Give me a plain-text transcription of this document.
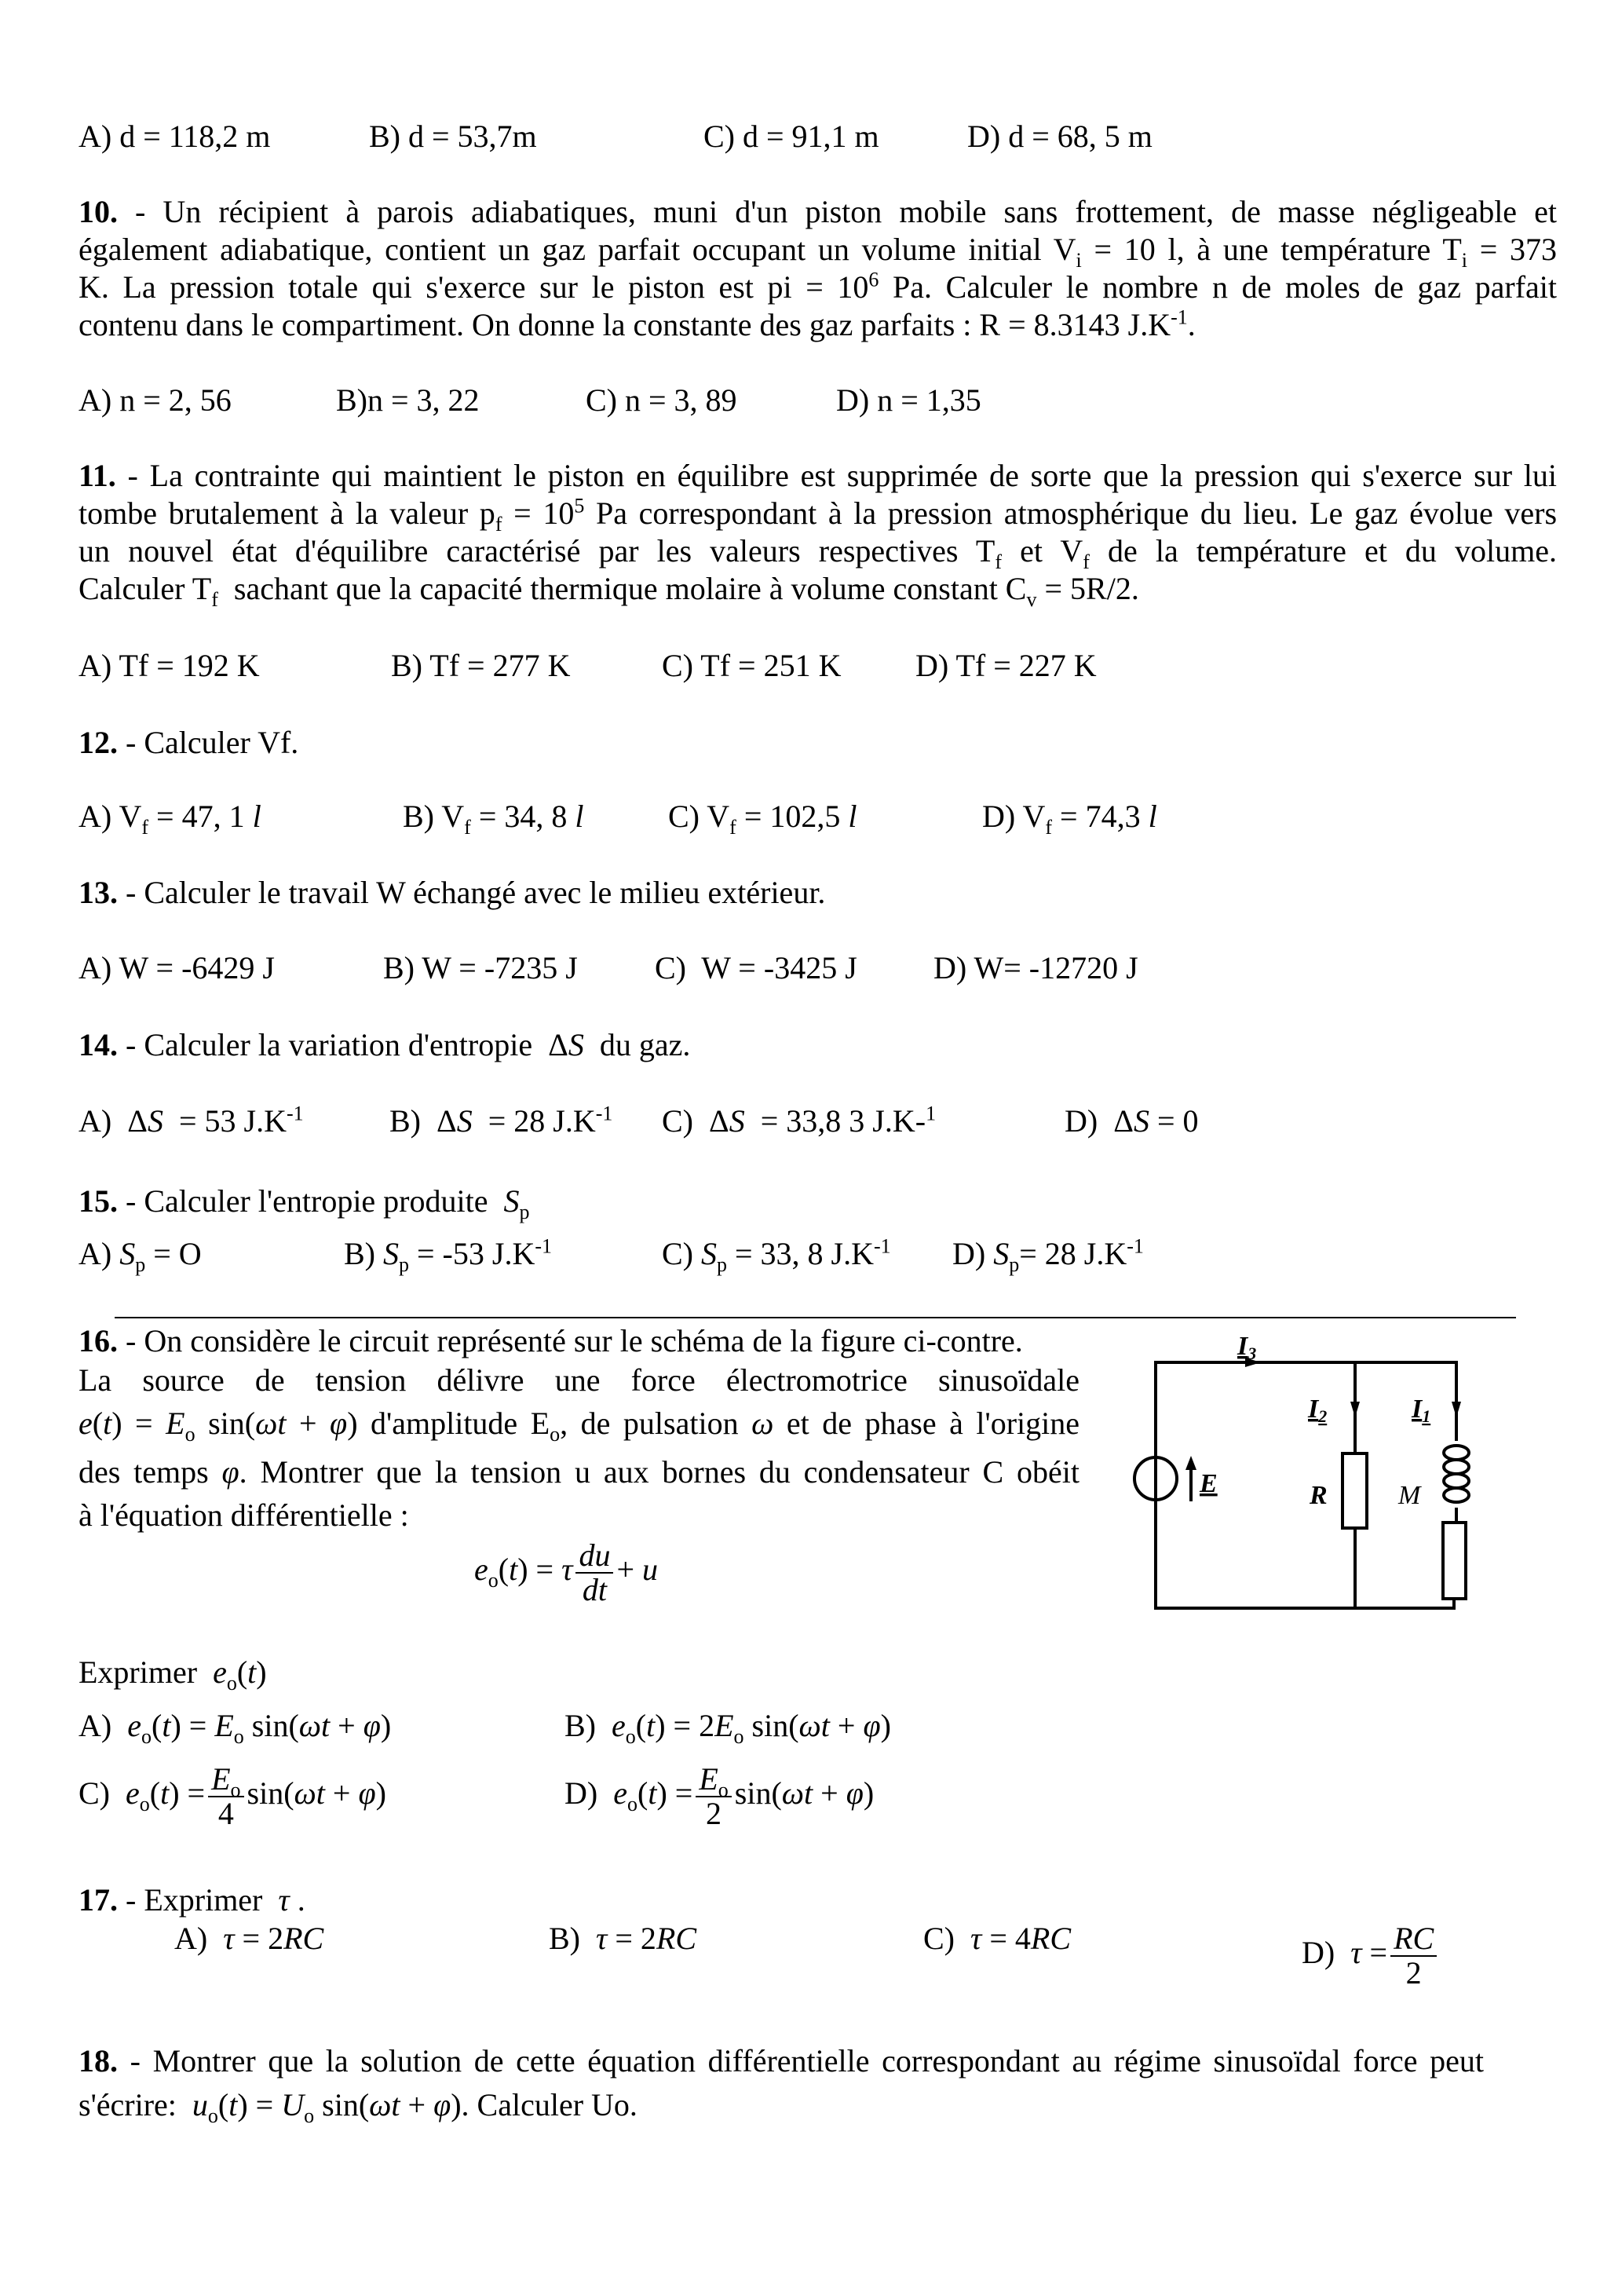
A) d = 118,2 m	B) d = 53,7m	C) d = 91,1 m	D) d = 68, 5 m
10. - Un récipient à parois adiabatiques, muni d'un piston mobile sans frottement, de masse négligeable et
également adiabatique, contient un gaz parfait occupant un volume initial $V_i = 10$ l, à une température $T_i = 373$
K. La pression totale qui s'exerce sur le piston est pi = $10^6$ Pa. Calculer le nombre n de moles de gaz parfait
contenu dans le compartiment. On donne la constante des gaz parfaits : R = 8.3143 $J.K^{-1}$.
A) n = 2, 56	B)n = 3, 22	C) n = 3, 89	D) n = 1,35
11. - La contrainte qui maintient le piston en équilibre est supprimée de sorte que la pression qui s'exerce sur lui
tombe brutalement à la valeur $p_f = 10^5$ Pa correspondant à la pression atmosphérique du lieu. Le gaz évolue vers
un nouvel état d'équilibre caractérisé par les valeurs respectives $T_f$ et $V_f$ de la température et du volume.
Calculer $T_f$  sachant que la capacité thermique molaire à volume constant $C_v = 5R/2$.
A) Tf = 192 K	B) Tf = 277 K	C) Tf = 251 K D) Tf = 227 K
12. - Calculer Vf.
A) $V_f = 47$, 1 l	B) $V_f = 34$, 8 l	C) $V_f = 102,5$ l	D) $V_f = 74,3$ l
13. - Calculer le travail W échangé avec le milieu extérieur.
A) W = -6429 J	B) W = -7235 J C)  W = -3425 J D) W= -12720 J
14. - Calculer la variation d'entropie  ΔS  du gaz.
A)  ΔS  = 53 $J.K^{-1}$	B)  ΔS  = 28 $J.K^{-1}$ C)  ΔS  = 33,8 3 J.K-$^1$	D)  ΔS = 0
15. - Calculer l'entropie produite  $S_p$
A) $S_p = O$	B) $S_p = -53$ $J.K^{-1}$	C) $S_p = 33$, 8 $J.K^{-1}$ D) $S_p= 28$ $J.K^{-1}$
16. - On considère le circuit représenté sur le schéma de la figure ci-contre.
La source de tension délivre une force électromotrice sinusoïdale
$e(t) = E_o$ sin(ωt + φ) d'amplitude $E_o$, de pulsation ω et de phase à l'origine
des temps φ. Montrer que la tension u aux bornes du condensateur C obéit
à l'équation différentielle :
$e_o(t) = \tau \frac{du}{dt} + u$
I3
I2	I1
E	R	M
Exprimer  $e_o(t)$
A)  $e_o(t) = E_o$ sin(ωt + φ)	B)  $e_o(t) = 2E_o$ sin(ωt + φ)
C)  $e_o(t) = \frac{E_o}{4} \sin(\omega t + \varphi)$	D)  $e_o(t) = \frac{E_o}{2} \sin(\omega t + \varphi)$
17. - Exprimer  τ .
A)  τ = 2RC	B)  τ = 2RC	C)  τ = 4RC	D)  $\tau = \frac{RC}{2}$
18. - Montrer que la solution de cette équation différentielle correspondant au régime sinusoïdal force peut
s'écrire:  $u_o(t) = U_o$ sin(ωt + φ). Calculer Uo.
